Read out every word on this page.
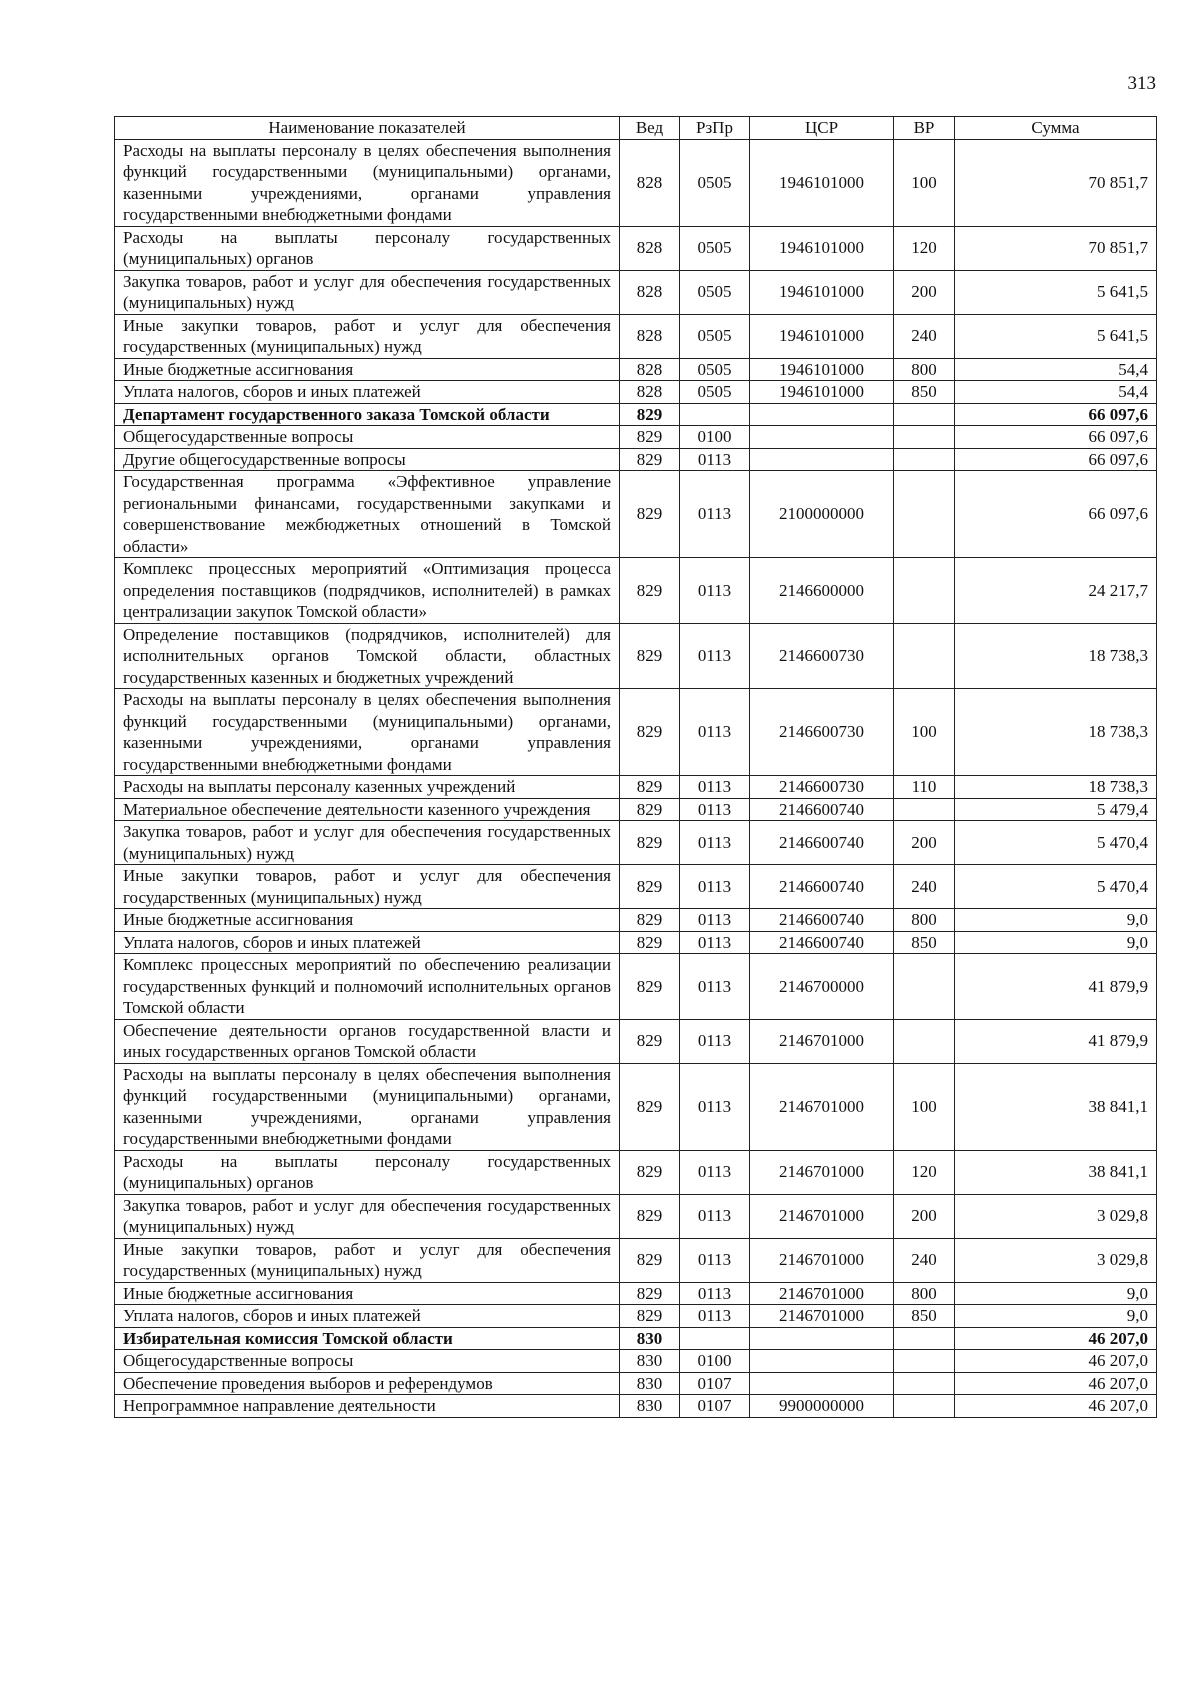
313
Наименование показателей	Вед	РзПр	ЦСР	ВР	Сумма
Расходы на выплаты персоналу в целях обеспечения выполнения функций государственными (муниципальными) органами, казенными учреждениями, органами управления государственными внебюджетными фондами	828	0505	1946101000	100	70 851,7
Расходы на выплаты персоналу государственных (муниципальных) органов	828	0505	1946101000	120	70 851,7
Закупка товаров, работ и услуг для обеспечения государственных (муниципальных) нужд	828	0505	1946101000	200	5 641,5
Иные закупки товаров, работ и услуг для обеспечения государственных (муниципальных) нужд	828	0505	1946101000	240	5 641,5
Иные бюджетные ассигнования	828	0505	1946101000	800	54,4
Уплата налогов, сборов и иных платежей	828	0505	1946101000	850	54,4
Департамент государственного заказа Томской области	829				66 097,6
Общегосударственные вопросы	829	0100			66 097,6
Другие общегосударственные вопросы	829	0113			66 097,6
Государственная программа «Эффективное управление региональными финансами, государственными закупками и совершенствование межбюджетных отношений в Томской области»	829	0113	2100000000		66 097,6
Комплекс процессных мероприятий «Оптимизация процесса определения поставщиков (подрядчиков, исполнителей) в рамках централизации закупок Томской области»	829	0113	2146600000		24 217,7
Определение поставщиков (подрядчиков, исполнителей) для исполнительных органов Томской области, областных государственных казенных и бюджетных учреждений	829	0113	2146600730		18 738,3
Расходы на выплаты персоналу в целях обеспечения выполнения функций государственными (муниципальными) органами, казенными учреждениями, органами управления государственными внебюджетными фондами	829	0113	2146600730	100	18 738,3
Расходы на выплаты персоналу казенных учреждений	829	0113	2146600730	110	18 738,3
Материальное обеспечение деятельности казенного учреждения	829	0113	2146600740		5 479,4
Закупка товаров, работ и услуг для обеспечения государственных (муниципальных) нужд	829	0113	2146600740	200	5 470,4
Иные закупки товаров, работ и услуг для обеспечения государственных (муниципальных) нужд	829	0113	2146600740	240	5 470,4
Иные бюджетные ассигнования	829	0113	2146600740	800	9,0
Уплата налогов, сборов и иных платежей	829	0113	2146600740	850	9,0
Комплекс процессных мероприятий по обеспечению реализации государственных функций и полномочий исполнительных органов Томской области	829	0113	2146700000		41 879,9
Обеспечение деятельности органов государственной власти и иных государственных органов Томской области	829	0113	2146701000		41 879,9
Расходы на выплаты персоналу в целях обеспечения выполнения функций государственными (муниципальными) органами, казенными учреждениями, органами управления государственными внебюджетными фондами	829	0113	2146701000	100	38 841,1
Расходы на выплаты персоналу государственных (муниципальных) органов	829	0113	2146701000	120	38 841,1
Закупка товаров, работ и услуг для обеспечения государственных (муниципальных) нужд	829	0113	2146701000	200	3 029,8
Иные закупки товаров, работ и услуг для обеспечения государственных (муниципальных) нужд	829	0113	2146701000	240	3 029,8
Иные бюджетные ассигнования	829	0113	2146701000	800	9,0
Уплата налогов, сборов и иных платежей	829	0113	2146701000	850	9,0
Избирательная комиссия Томской области	830				46 207,0
Общегосударственные вопросы	830	0100			46 207,0
Обеспечение проведения выборов и референдумов	830	0107			46 207,0
Непрограммное направление деятельности	830	0107	9900000000		46 207,0
